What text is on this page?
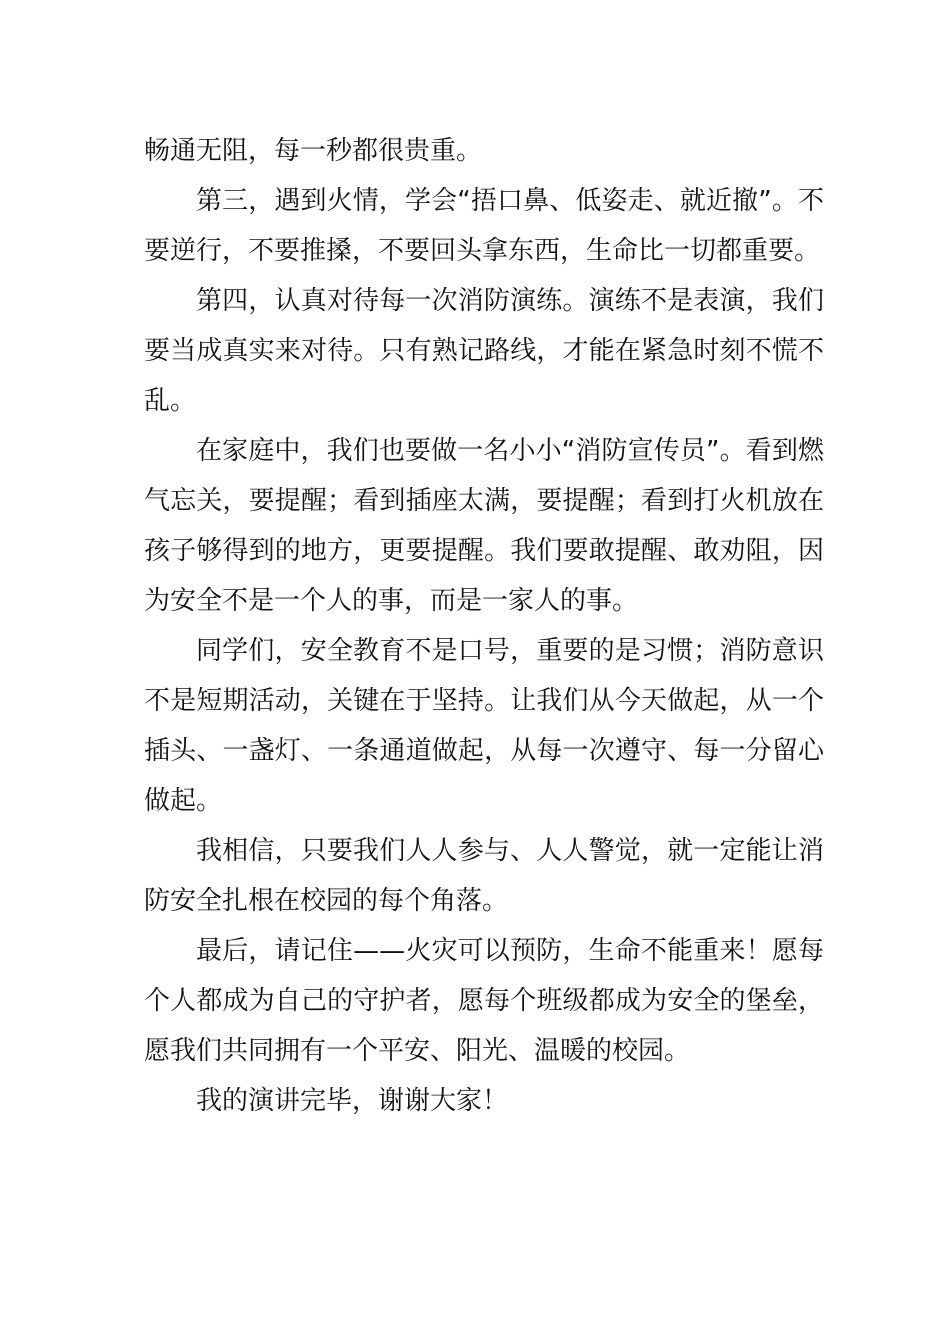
畅通无阻，每一秒都很贵重。

第三，遇到火情，学会“捂口鼻、低姿走、就近撤”。不要逆行，不要推搡，不要回头拿东西，生命比一切都重要。

第四，认真对待每一次消防演练。演练不是表演，我们要当成真实来对待。只有熟记路线，才能在紧急时刻不慌不乱。

在家庭中，我们也要做一名小小“消防宣传员”。看到燃气忘关，要提醒；看到插座太满，要提醒；看到打火机放在孩子够得到的地方，更要提醒。我们要敢提醒、敢劝阻，因为安全不是一个人的事，而是一家人的事。

同学们，安全教育不是口号，重要的是习惯；消防意识不是短期活动，关键在于坚持。让我们从今天做起，从一个插头、一盏灯、一条通道做起，从每一次遵守、每一分留心做起。

我相信，只要我们人人参与、人人警觉，就一定能让消防安全扎根在校园的每个角落。

最后，请记住——火灾可以预防，生命不能重来！愿每个人都成为自己的守护者，愿每个班级都成为安全的堡垒，愿我们共同拥有一个平安、阳光、温暖的校园。

我的演讲完毕，谢谢大家！
